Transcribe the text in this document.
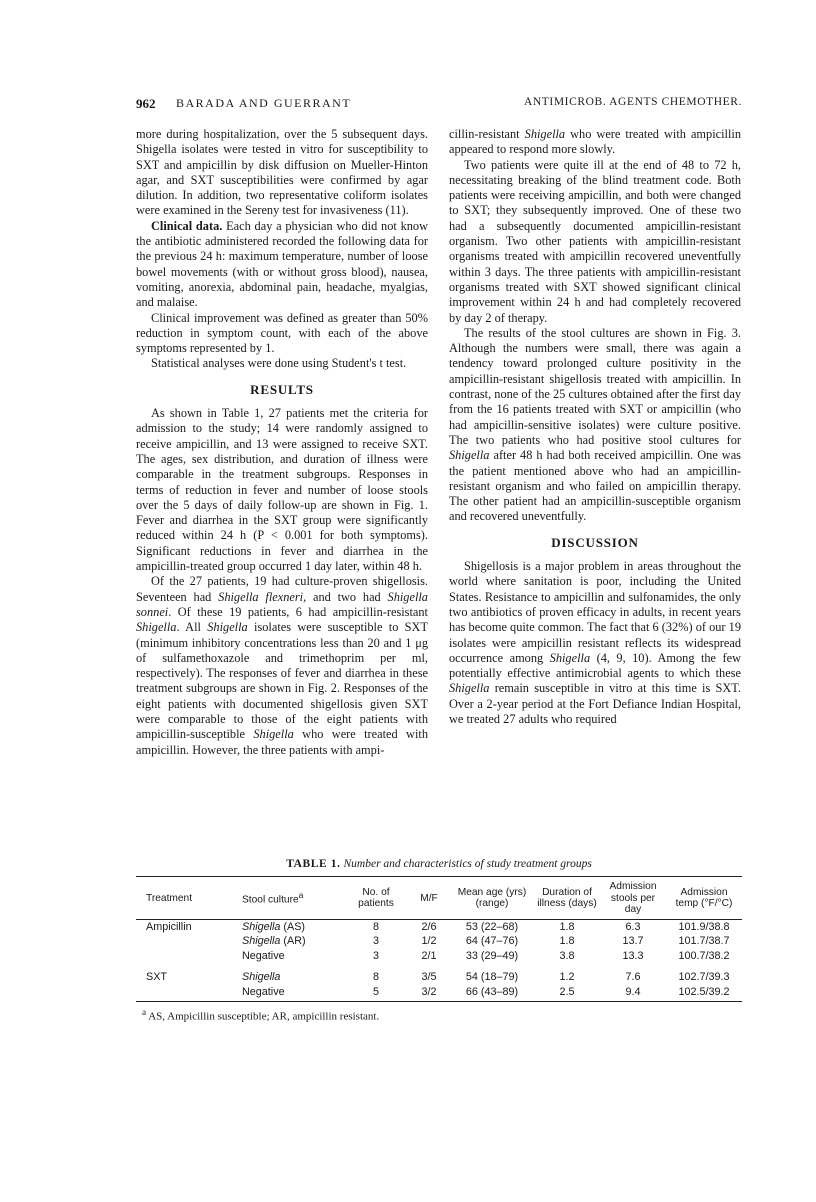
962 BARADA AND GUERRANT	ANTIMICROB. AGENTS CHEMOTHER.

more during hospitalization, over the 5 subsequent days. Shigella isolates were tested in vitro for susceptibility to SXT and ampicillin by disk diffusion on Mueller-Hinton agar, and SXT susceptibilities were confirmed by agar dilution. In addition, two representative coliform isolates were examined in the Sereny test for invasiveness (11).

Clinical data. Each day a physician who did not know the antibiotic administered recorded the following data for the previous 24 h: maximum temperature, number of loose bowel movements (with or without gross blood), nausea, vomiting, anorexia, abdominal pain, headache, myalgias, and malaise.

Clinical improvement was defined as greater than 50% reduction in symptom count, with each of the above symptoms represented by 1.

Statistical analyses were done using Student's t test.

RESULTS

As shown in Table 1, 27 patients met the criteria for admission to the study; 14 were randomly assigned to receive ampicillin, and 13 were assigned to receive SXT. The ages, sex distribution, and duration of illness were comparable in the treatment subgroups. Responses in terms of reduction in fever and number of loose stools over the 5 days of daily follow-up are shown in Fig. 1. Fever and diarrhea in the SXT group were significantly reduced within 24 h (P < 0.001 for both symptoms). Significant reductions in fever and diarrhea in the ampicillin-treated group occurred 1 day later, within 48 h.

Of the 27 patients, 19 had culture-proven shigellosis. Seventeen had Shigella flexneri, and two had Shigella sonnei. Of these 19 patients, 6 had ampicillin-resistant Shigella. All Shigella isolates were susceptible to SXT (minimum inhibitory concentrations less than 20 and 1 μg of sulfamethoxazole and trimethoprim per ml, respectively). The responses of fever and diarrhea in these treatment subgroups are shown in Fig. 2. Responses of the eight patients with documented shigellosis given SXT were comparable to those of the eight patients with ampicillin-susceptible Shigella who were treated with ampicillin. However, the three patients with ampi-

cillin-resistant Shigella who were treated with ampicillin appeared to respond more slowly.

Two patients were quite ill at the end of 48 to 72 h, necessitating breaking of the blind treatment code. Both patients were receiving ampicillin, and both were changed to SXT; they subsequently improved. One of these two had a subsequently documented ampicillin-resistant organism. Two other patients with ampicillin-resistant organisms treated with ampicillin recovered uneventfully within 3 days. The three patients with ampicillin-resistant organisms treated with SXT showed significant clinical improvement within 24 h and had completely recovered by day 2 of therapy.

The results of the stool cultures are shown in Fig. 3. Although the numbers were small, there was again a tendency toward prolonged culture positivity in the ampicillin-resistant shigellosis treated with ampicillin. In contrast, none of the 25 cultures obtained after the first day from the 16 patients treated with SXT or ampicillin (who had ampicillin-sensitive isolates) were culture positive. The two patients who had positive stool cultures for Shigella after 48 h had both received ampicillin. One was the patient mentioned above who had an ampicillin-resistant organism and who failed on ampicillin therapy. The other patient had an ampicillin-susceptible organism and recovered uneventfully.

DISCUSSION

Shigellosis is a major problem in areas throughout the world where sanitation is poor, including the United States. Resistance to ampicillin and sulfonamides, the only two antibiotics of proven efficacy in adults, in recent years has become quite common. The fact that 6 (32%) of our 19 isolates were ampicillin resistant reflects its widespread occurrence among Shigella (4, 9, 10). Among the few potentially effective antimicrobial agents to which these Shigella remain susceptible in vitro at this time is SXT. Over a 2-year period at the Fort Defiance Indian Hospital, we treated 27 adults who required

TABLE 1. Number and characteristics of study treatment groups
Treatment	Stool culture$^a$	No. of patients	M/F	Mean age (yrs) (range)	Duration of illness (days)	Admission stools per day	Admission temp (°F/°C)
Ampicillin	Shigella (AS)	8	2/6	53 (22–68)	1.8	6.3	101.9/38.8
	Shigella (AR)	3	1/2	64 (47–76)	1.8	13.7	101.7/38.7
	Negative	3	2/1	33 (29–49)	3.8	13.3	100.7/38.2
SXT	Shigella	8	3/5	54 (18–79)	1.2	7.6	102.7/39.3
	Negative	5	3/2	66 (43–89)	2.5	9.4	102.5/39.2
$^a$ AS, Ampicillin susceptible; AR, ampicillin resistant.
